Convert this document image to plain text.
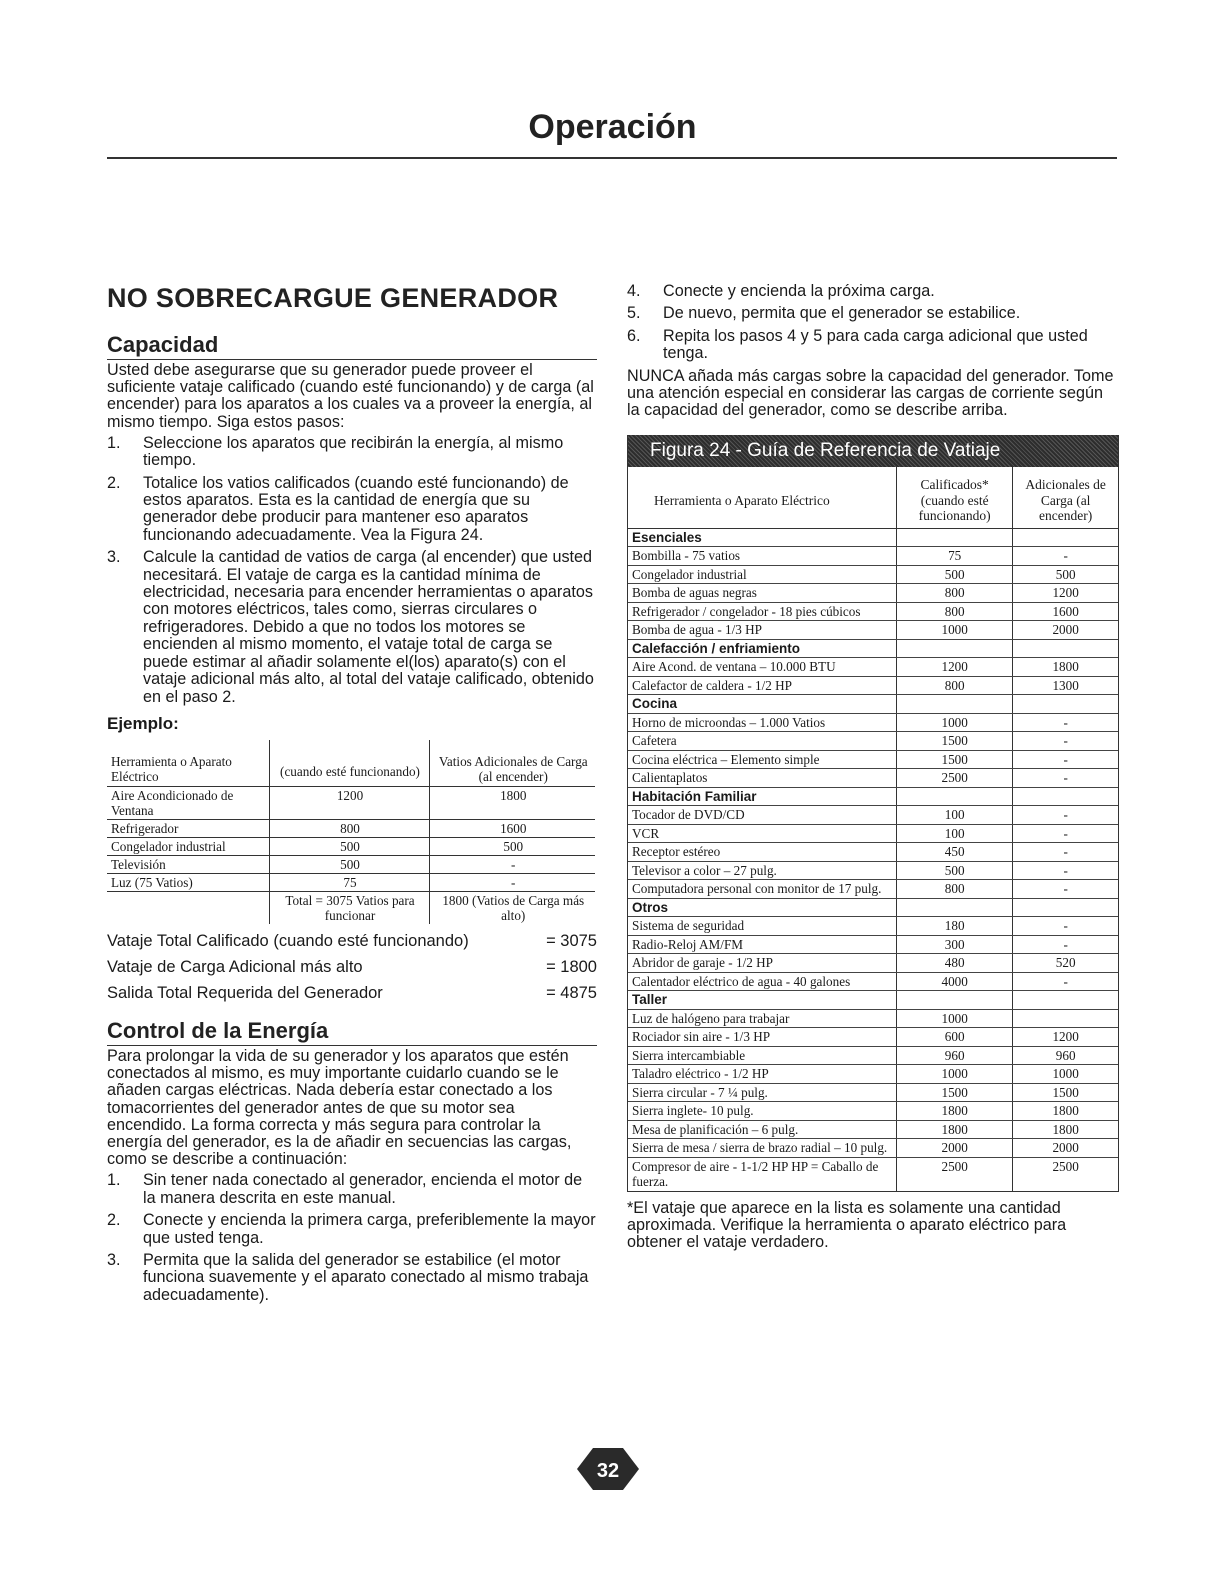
Operación
NO SOBRECARGUE GENERADOR
Capacidad
Usted debe asegurarse que su generador puede proveer el suficiente vataje calificado (cuando esté funcionando) y de carga (al encender) para los aparatos a los cuales va a proveer la energía, al mismo tiempo. Siga estos pasos:
1.	Seleccione los aparatos que recibirán la energía, al mismo tiempo.
2.	Totalice los vatios calificados (cuando esté funcionando) de estos aparatos. Esta es la cantidad de energía que su generador debe producir para mantener eso aparatos funcionando adecuadamente. Vea la Figura 24.
3.	Calcule la cantidad de vatios de carga (al encender) que usted necesitará. El vataje de carga es la cantidad mínima de electricidad, necesaria para encender herramientas o aparatos con motores eléctricos, tales como, sierras circulares o refrigeradores. Debido a que no todos los motores se encienden al mismo momento, el vataje total de carga se puede estimar al añadir solamente el(los) aparato(s) con el vataje adicional más alto, al total del vataje calificado, obtenido en el paso 2.
Ejemplo:
Herramienta o Aparato Eléctrico	(cuando esté funcionando)	Vatios Adicionales de Carga (al encender)
Aire Acondicionado de Ventana	1200	1800
Refrigerador	800	1600
Congelador industrial	500	500
Televisión	500	-
Luz (75 Vatios)	75	-
	Total = 3075 Vatios para funcionar	1800 (Vatios de Carga más alto)
Vataje Total Calificado (cuando esté funcionando)	= 3075
Vataje de Carga Adicional más alto	= 1800
Salida Total Requerida del Generador	= 4875
Control de la Energía
Para prolongar la vida de su generador y los aparatos que estén conectados al mismo, es muy importante cuidarlo cuando se le añaden cargas eléctricas. Nada debería estar conectado a los tomacorrientes del generador antes de que su motor sea encendido. La forma correcta y más segura para controlar la energía del generador, es la de añadir en secuencias las cargas, como se describe a continuación:
1.	Sin tener nada conectado al generador, encienda el motor de la manera descrita en este manual.
2.	Conecte y encienda la primera carga, preferiblemente la mayor que usted tenga.
3.	Permita que la salida del generador se estabilice (el motor funciona suavemente y el aparato conectado al mismo trabaja adecuadamente).
4.	Conecte y encienda la próxima carga.
5.	De nuevo, permita que el generador se estabilice.
6.	Repita los pasos 4 y 5 para cada carga adicional que usted tenga.
NUNCA añada más cargas sobre la capacidad del generador. Tome una atención especial en considerar las cargas de corriente según la capacidad del generador, como se describe arriba.
Figura 24 - Guía de Referencia de Vatiaje
Herramienta o Aparato Eléctrico	Calificados* (cuando esté funcionando)	Adicionales de Carga (al encender)
Esenciales		
Bombilla - 75 vatios	75	-
Congelador industrial	500	500
Bomba de aguas negras	800	1200
Refrigerador / congelador - 18 pies cúbicos	800	1600
Bomba de agua - 1/3 HP	1000	2000
Calefacción / enfriamiento		
Aire Acond. de ventana – 10.000 BTU	1200	1800
Calefactor de caldera - 1/2 HP	800	1300
Cocina		
Horno de microondas – 1.000 Vatios	1000	-
Cafetera	1500	-
Cocina eléctrica – Elemento simple	1500	-
Calientaplatos	2500	-
Habitación Familiar		
Tocador de DVD/CD	100	-
VCR	100	-
Receptor estéreo	450	-
Televisor a color – 27 pulg.	500	-
Computadora personal con monitor de 17 pulg.	800	-
Otros		
Sistema de seguridad	180	-
Radio-Reloj AM/FM	300	-
Abridor de garaje - 1/2 HP	480	520
Calentador eléctrico de agua - 40 galones	4000	-
Taller		
Luz de halógeno para trabajar	1000	
Rociador sin aire - 1/3 HP	600	1200
Sierra intercambiable	960	960
Taladro eléctrico - 1/2 HP	1000	1000
Sierra circular - 7 ¼ pulg.	1500	1500
Sierra inglete- 10 pulg.	1800	1800
Mesa de planificación – 6 pulg.	1800	1800
Sierra de mesa / sierra de brazo radial – 10 pulg.	2000	2000
Compresor de aire - 1-1/2 HP HP = Caballo de fuerza.	2500	2500
*El vataje que aparece en la lista es solamente una cantidad aproximada. Verifique la herramienta o aparato eléctrico para obtener el vataje verdadero.
32
